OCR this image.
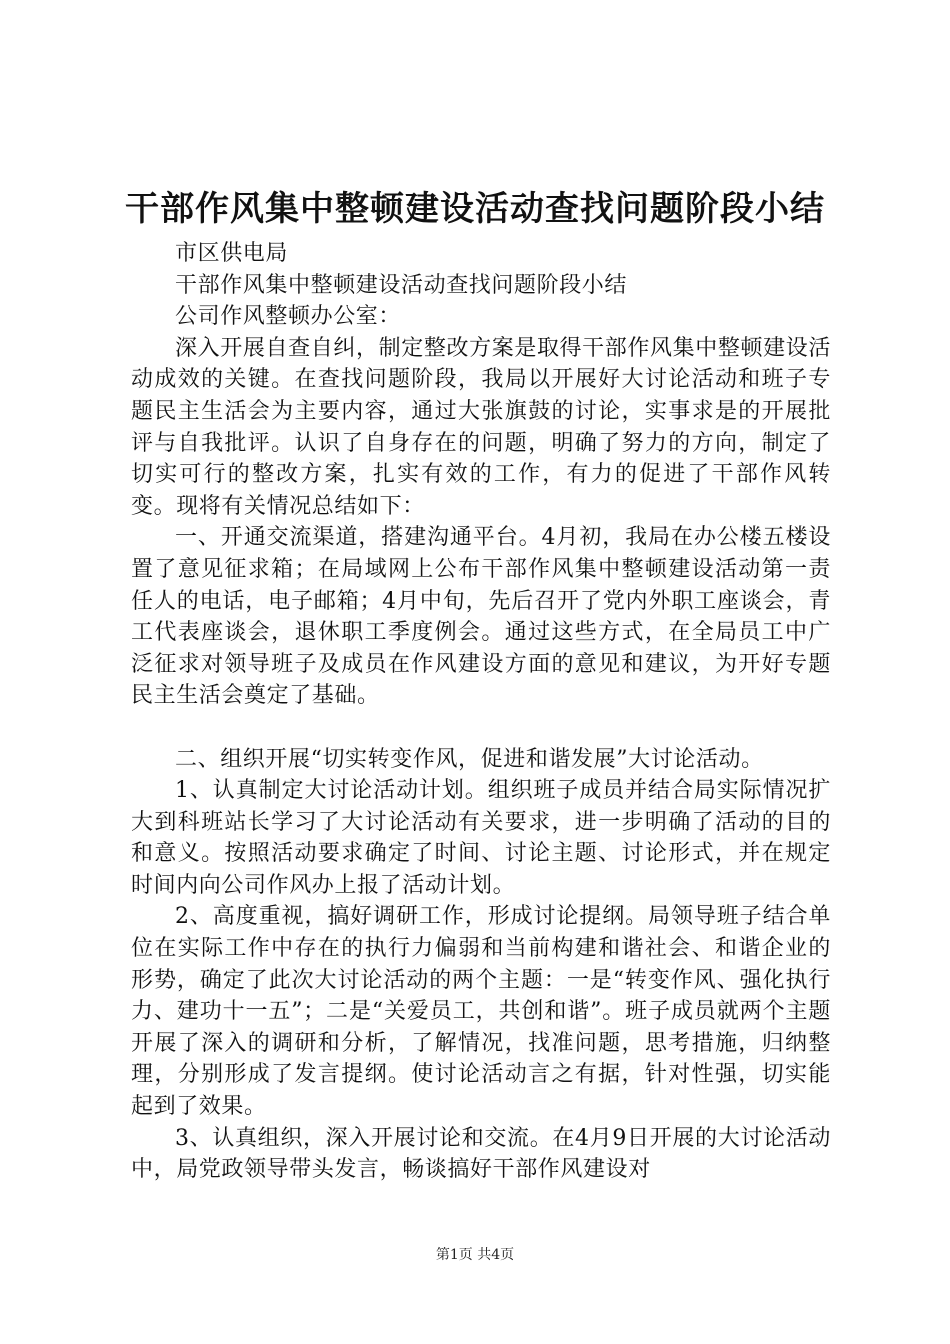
干部作风集中整顿建设活动查找问题阶段小结

市区供电局

干部作风集中整顿建设活动查找问题阶段小结

公司作风整顿办公室：

深入开展自查自纠，制定整改方案是取得干部作风集中整顿建设活动成效的关键。在查找问题阶段，我局以开展好大讨论活动和班子专题民主生活会为主要内容，通过大张旗鼓的讨论，实事求是的开展批评与自我批评。认识了自身存在的问题，明确了努力的方向，制定了切实可行的整改方案，扎实有效的工作，有力的促进了干部作风转变。现将有关情况总结如下：

一、开通交流渠道，搭建沟通平台。4月初，我局在办公楼五楼设置了意见征求箱；在局域网上公布干部作风集中整顿建设活动第一责任人的电话，电子邮箱；4月中旬，先后召开了党内外职工座谈会，青工代表座谈会，退休职工季度例会。通过这些方式，在全局员工中广泛征求对领导班子及成员在作风建设方面的意见和建议，为开好专题民主生活会奠定了基础。

二、组织开展“切实转变作风，促进和谐发展”大讨论活动。

1、认真制定大讨论活动计划。组织班子成员并结合局实际情况扩大到科班站长学习了大讨论活动有关要求，进一步明确了活动的目的和意义。按照活动要求确定了时间、讨论主题、讨论形式，并在规定时间内向公司作风办上报了活动计划。

2、高度重视，搞好调研工作，形成讨论提纲。局领导班子结合单位在实际工作中存在的执行力偏弱和当前构建和谐社会、和谐企业的形势，确定了此次大讨论活动的两个主题：一是“转变作风、强化执行力、建功十一五”；二是“关爱员工，共创和谐”。班子成员就两个主题开展了深入的调研和分析，了解情况，找准问题，思考措施，归纳整理，分别形成了发言提纲。使讨论活动言之有据，针对性强，切实能起到了效果。

3、认真组织，深入开展讨论和交流。在4月9日开展的大讨论活动中，局党政领导带头发言，畅谈搞好干部作风建设对

第1页 共4页
